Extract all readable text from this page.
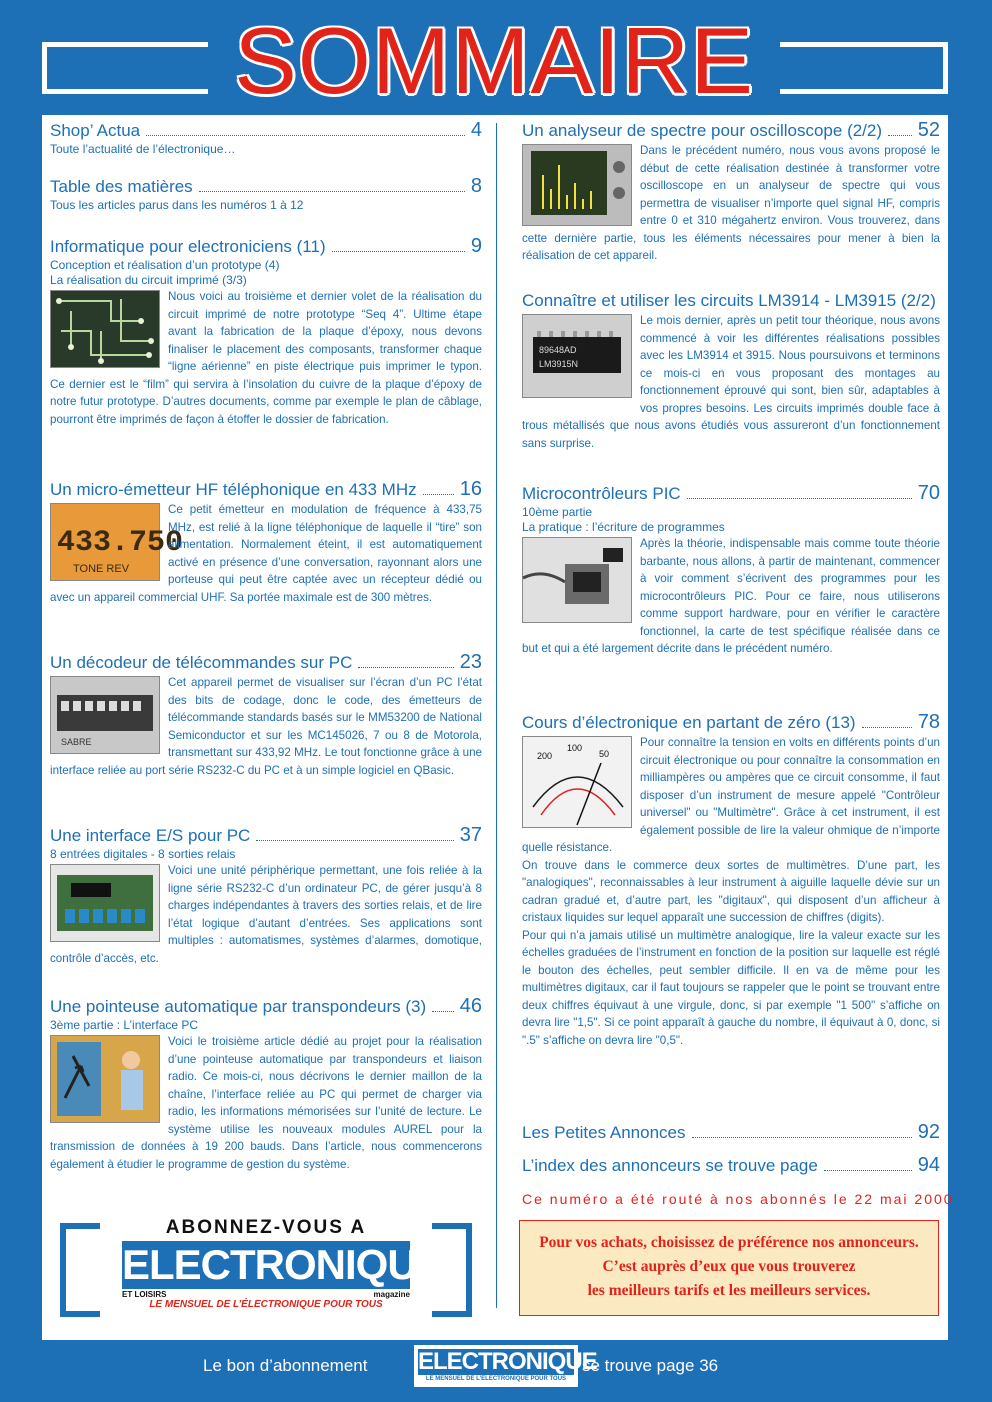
SOMMAIRE
Shop’ Actua	4
Toute l’actualité de l’électronique…
Table des matières	8
Tous les articles parus dans les numéros 1 à 12
Informatique pour electroniciens (11)	9
Conception et réalisation d’un prototype (4)
La réalisation du circuit imprimé (3/3)
Nous voici au troisième et dernier volet de la réalisation du circuit imprimé de notre prototype “Seq 4”. Ultime étape avant la fabrication de la plaque d’époxy, nous devons finaliser le placement des composants, transformer chaque “ligne aérienne” en piste électrique puis imprimer le typon. Ce dernier est le “film” qui servira à l’insolation du cuivre de la plaque d’époxy de notre futur prototype. D’autres documents, comme par exemple le plan de câblage, pourront être imprimés de façon à étoffer le dossier de fabrication.
Un micro-émetteur HF téléphonique en 433 MHz 16
433.750
TONE REV
Ce petit émetteur en modulation de fréquence à 433,75 MHz, est relié à la ligne téléphonique de laquelle il “tire” son alimentation. Normalement éteint, il est automatiquement activé en présence d’une conversation, rayonnant alors une porteuse qui peut être captée avec un récepteur dédié ou avec un appareil commercial UHF. Sa portée maximale est de 300 mètres.
Un décodeur de télécommandes sur PC	23
SABRE
Cet appareil permet de visualiser sur l’écran d’un PC l’état des bits de codage, donc le code, des émetteurs de télécommande standards basés sur le MM53200 de National Semiconductor et sur les MC145026, 7 ou 8 de Motorola, transmettant sur 433,92 MHz. Le tout fonctionne grâce à une interface reliée au port série RS232-C du PC et à un simple logiciel en QBasic.
Une interface E/S pour PC	37
8 entrées digitales - 8 sorties relais
Voici une unité périphérique permettant, une fois reliée à la ligne série RS232-C d’un ordinateur PC, de gérer jusqu’à 8 charges indépendantes à travers des sorties relais, et de lire l’état logique d’autant d’entrées. Ses applications sont multiples : automatismes, systèmes d’alarmes, domotique, contrôle d’accès, etc.
Une pointeuse automatique par transpondeurs (3) 46
3ème partie : L’interface PC
Voici le troisième article dédié au projet pour la réalisation d’une pointeuse automatique par transpondeurs et liaison radio. Ce mois-ci, nous décrivons le dernier maillon de la chaîne, l’interface reliée au PC qui permet de charger via radio, les informations mémorisées sur l’unité de lecture. Le système utilise les nouveaux modules AUREL pour la transmission de données à 19 200 bauds. Dans l’article, nous commencerons également à étudier le programme de gestion du système.
Un analyseur de spectre pour oscilloscope (2/2) 52
Dans le précédent numéro, nous vous avons proposé le début de cette réalisation destinée à transformer votre oscilloscope en un analyseur de spectre qui vous permettra de visualiser n’importe quel signal HF, compris entre 0 et 310 mégahertz environ. Vous trouverez, dans cette dernière partie, tous les éléments nécessaires pour mener à bien la réalisation de cet appareil.
Connaître et utiliser les circuits LM3914 - LM3915 (2/2) 63
89648AD
LM3915N
Le mois dernier, après un petit tour théorique, nous avons commencé à voir les différentes réalisations possibles avec les LM3914 et 3915. Nous poursuivons et terminons ce mois-ci en vous proposant des montages au fonctionnement éprouvé qui sont, bien sûr, adaptables à vos propres besoins. Les circuits imprimés double face à trous métallisés que nous avons étudiés vous assureront d’un fonctionnement sans surprise.
Microcontrôleurs PIC	70
10ème partie
La pratique : l’écriture de programmes
Après la théorie, indispensable mais comme toute théorie barbante, nous allons, à partir de maintenant, commencer à voir comment s’écrivent des programmes pour les microcontrôleurs PIC. Pour ce faire, nous utiliserons comme support hardware, pour en vérifier le caractère fonctionnel, la carte de test spécifique réalisée dans ce but et qui a été largement décrite dans le précédent numéro.
Cours d’électronique en partant de zéro (13)	78
200
100
50
Pour connaître la tension en volts en différents points d’un circuit électronique ou pour connaître la consommation en milliampères ou ampères que ce circuit consomme, il faut disposer d’un instrument de mesure appelé "Contrôleur universel" ou "Multimètre". Grâce à cet instrument, il est également possible de lire la valeur ohmique de n’importe quelle résistance.
On trouve dans le commerce deux sortes de multimètres. D’une part, les "analogiques", reconnaissables à leur instrument à aiguille laquelle dévie sur un cadran gradué et, d’autre part, les "digitaux", qui disposent d’un afficheur à cristaux liquides sur lequel apparaît une succession de chiffres (digits).
Pour qui n’a jamais utilisé un multimètre analogique, lire la valeur exacte sur les échelles graduées de l’instrument en fonction de la position sur laquelle est réglé le bouton des échelles, peut sembler difficile. Il en va de même pour les multimètres digitaux, car il faut toujours se rappeler que le point se trouvant entre deux chiffres équivaut à une virgule, donc, si par exemple "1 500" s’affiche on devra lire "1,5". Si ce point apparaît à gauche du nombre, il équivaut à 0, donc, si ".5" s’affiche on devra lire "0,5".
Les Petites Annonces	92
L’index des annonceurs se trouve page	94
Ce numéro a été routé à nos abonnés le 22 mai 2000
Pour vos achats, choisissez de préférence nos annonceurs.
C’est auprès d’eux que vous trouverez
les meilleurs tarifs et les meilleurs services.
ABONNEZ-VOUS A
ELECTRONIQUE
ET LOISIRS	magazine
LE MENSUEL DE L’ÉLECTRONIQUE POUR TOUS
Le bon d’abonnement ELECTRONIQUE
LE MENSUEL DE L’ÉLECTRONIQUE POUR TOUS
se trouve page 36
